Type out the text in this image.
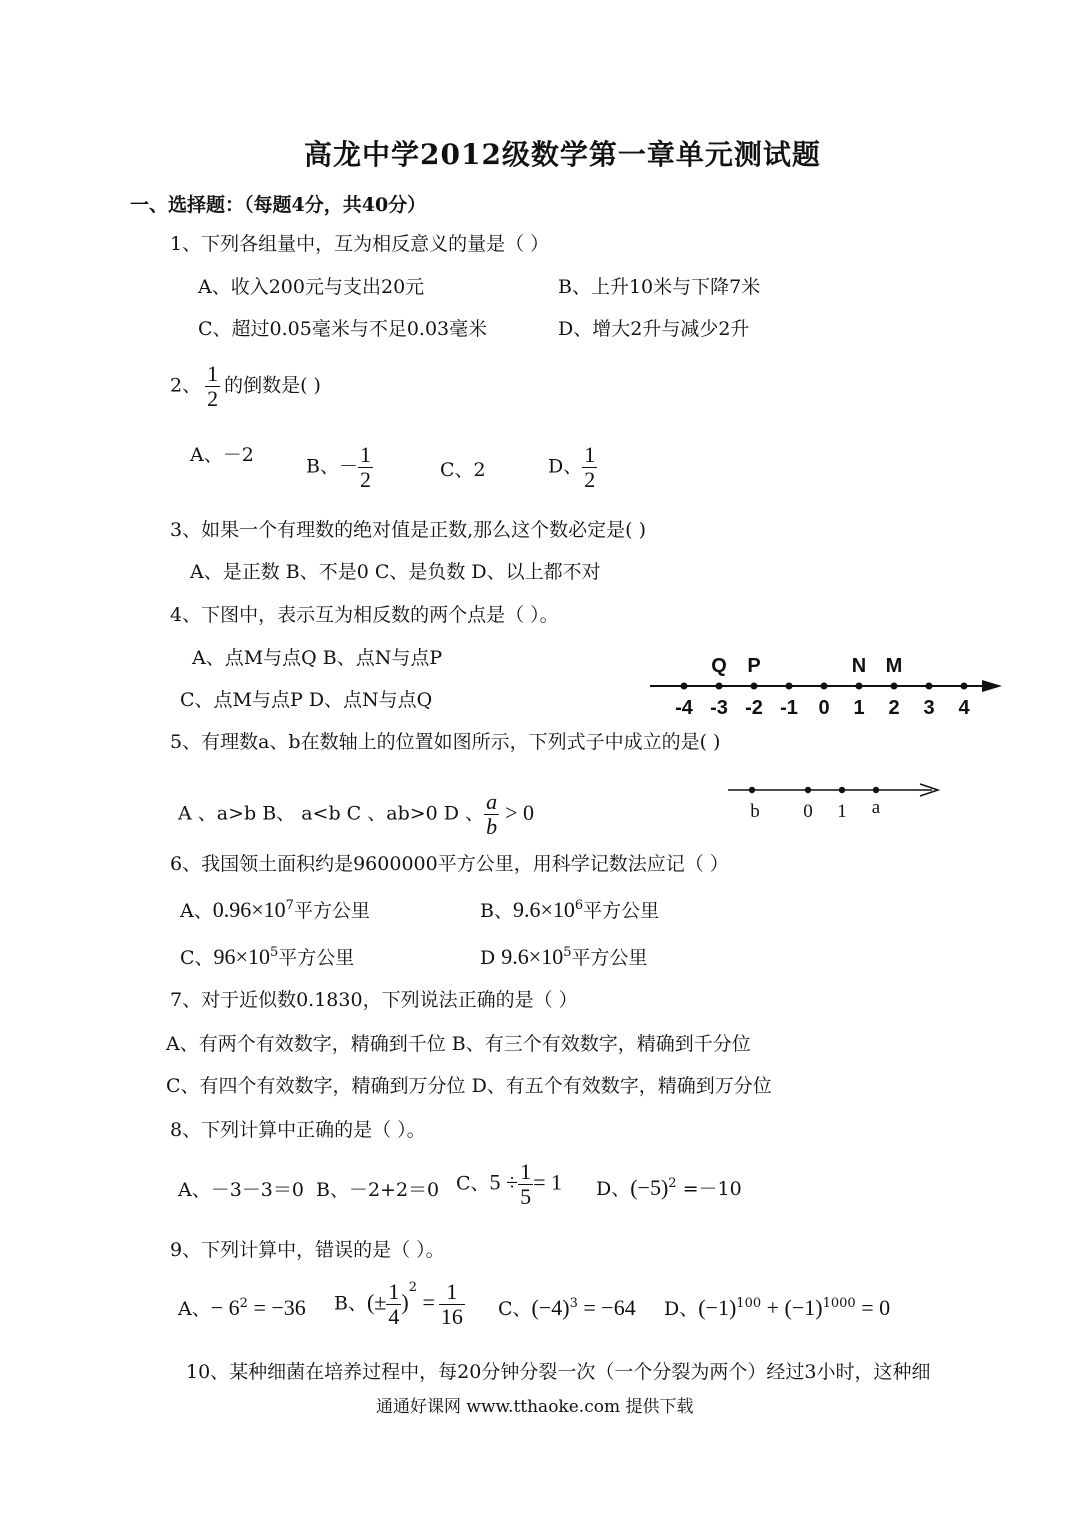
高龙中学2012级数学第一章单元测试题
一、选择题：（每题4分，共40分）
1、下列各组量中，互为相反意义的量是（ ）
A、收入200元与支出20元	B、上升10米与下降7米
C、超过0.05毫米与不足0.03毫米	D、增大2升与减少2升
2、 $\frac{1}{2}$ 的倒数是( )
A、－2
B、－ $\frac{1}{2}$	C、2	D、 $\frac{1}{2}$
3、如果一个有理数的绝对值是正数,那么这个数必定是( )
A、是正数 B、不是0 C、是负数 D、以上都不对
4、下图中，表示互为相反数的两个点是（ ）。
A、点M与点Q B、点N与点P
C、点M与点P D、点N与点Q	-4 -3 -2 -1 0 1 2 3 4
Q P	N M
5、有理数a、b在数轴上的位置如图所示，下列式子中成立的是( )
A 、a>b B、 a<b C 、ab>0 D 、 $\frac{a}{b} > 0$	b 0 1 a
6、我国领土面积约是9600000平方公里，用科学记数法应记（ ）
A、$0.96\times 10^7$平方公里	B、$9.6\times 10^6$平方公里
C、$96\times 10^5$平方公里	D $9.6\times 10^5$平方公里
7、对于近似数0.1830，下列说法正确的是（ ）
A、有两个有效数字，精确到千位 B、有三个有效数字，精确到千分位
C、有四个有效数字，精确到万分位 D、有五个有效数字，精确到万分位
8、下列计算中正确的是（ ）。
A、－3－3＝0 B、－2+2＝0 C、$5 \div \frac{1}{5} = 1$ D、$(-5)^2 =-10$
9、下列计算中，错误的是（ ）。
A、− $6^2 = -36$ B、(± $\frac{1}{4} )^2 = \frac{1}{16}$ C、$(-4)^3 = -64$ D、$(-1)^{100} + (-1)^{1000} = 0$
10、某种细菌在培养过程中，每20分钟分裂一次（一个分裂为两个）经过3小时，这种细
通通好课网 www.tthaoke.com 提供下载
